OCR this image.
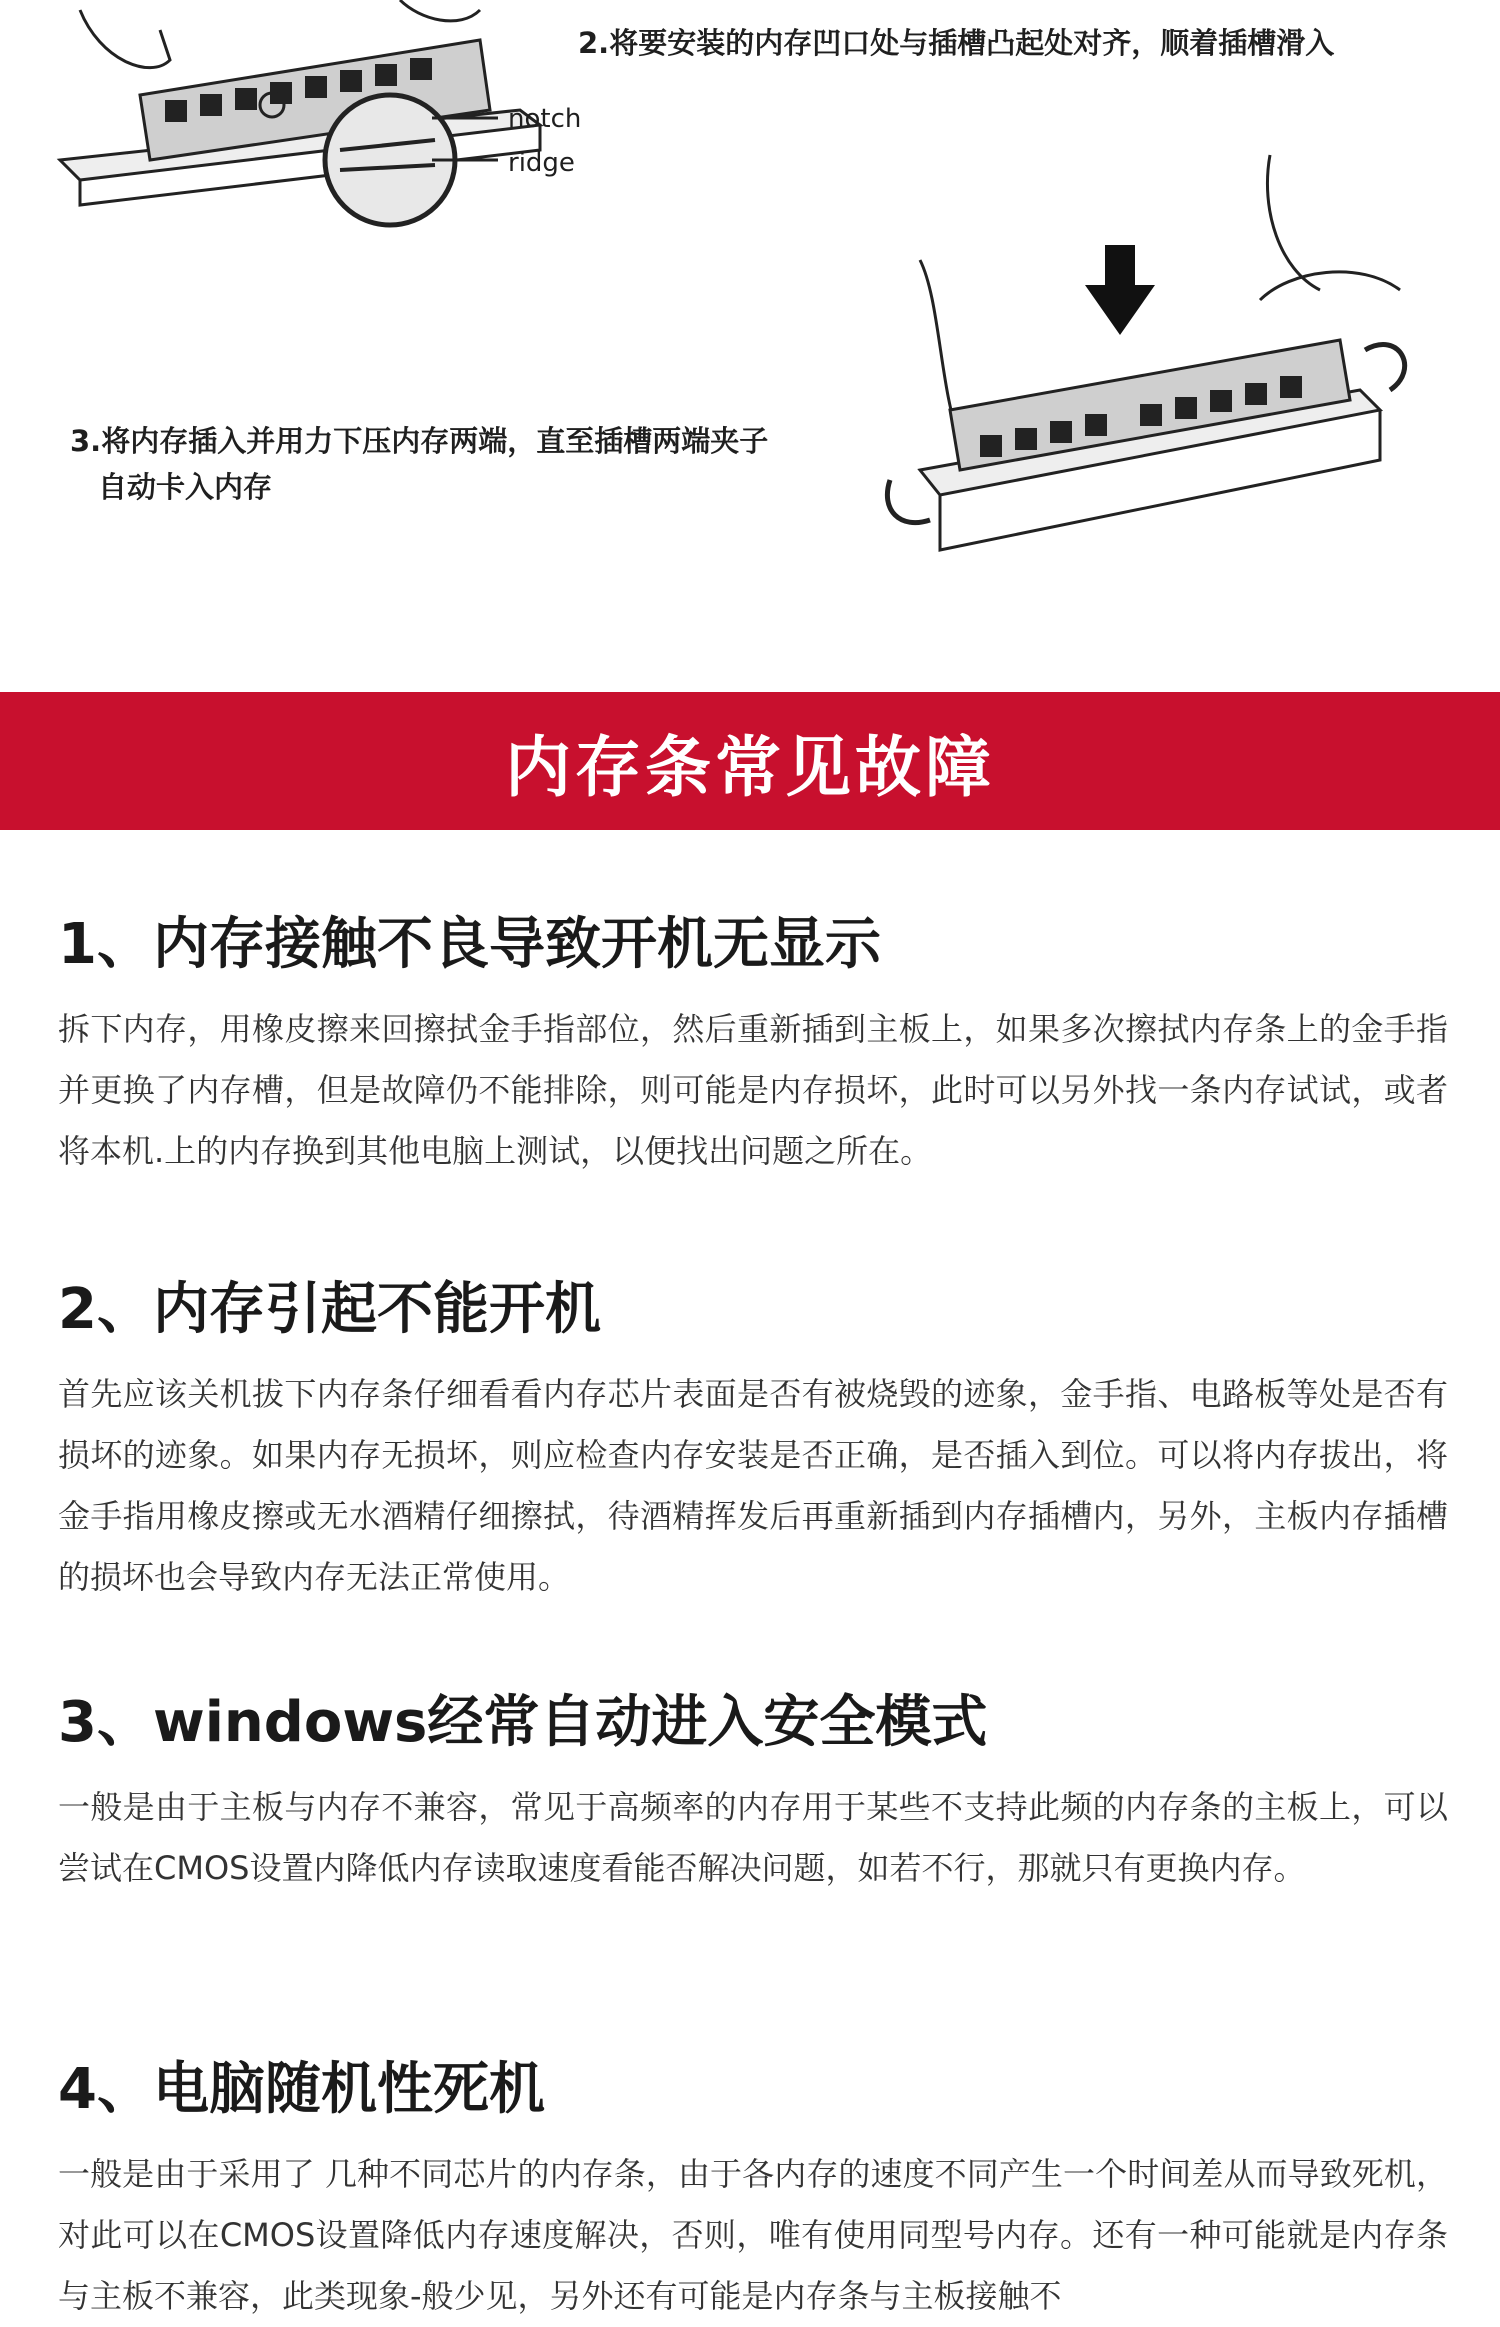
notch
ridge
2.将要安装的内存凹口处与插槽凸起处对齐，顺着插槽滑入
3.将内存插入并用力下压内存两端，直至插槽两端夹子
自动卡入内存
内存条常见故障
1、内存接触不良导致开机无显示

拆下内存，用橡皮擦来回擦拭金手指部位，然后重新插到主板上，如果多次擦拭内存条上的金手指并更换了内存槽，但是故障仍不能排除，则可能是内存损坏，此时可以另外找一条内存试试，或者将本机.上的内存换到其他电脑上测试，以便找出问题之所在。

2、内存引起不能开机

首先应该关机拔下内存条仔细看看内存芯片表面是否有被烧毁的迹象，金手指、电路板等处是否有损坏的迹象。如果内存无损坏，则应检查内存安装是否正确，是否插入到位。可以将内存拔出，将金手指用橡皮擦或无水酒精仔细擦拭，待酒精挥发后再重新插到内存插槽内，另外，主板内存插槽的损坏也会导致内存无法正常使用。

3、windows经常自动进入安全模式

一般是由于主板与内存不兼容，常见于高频率的内存用于某些不支持此频的内存条的主板上，可以尝试在CMOS设置内降低内存读取速度看能否解决问题，如若不行，那就只有更换内存。

4、电脑随机性死机

一般是由于采用了 几种不同芯片的内存条，由于各内存的速度不同产生一个时间差从而导致死机，对此可以在CMOS设置降低内存速度解决，否则，唯有使用同型号内存。还有一种可能就是内存条与主板不兼容，此类现象-般少见，另外还有可能是内存条与主板接触不
